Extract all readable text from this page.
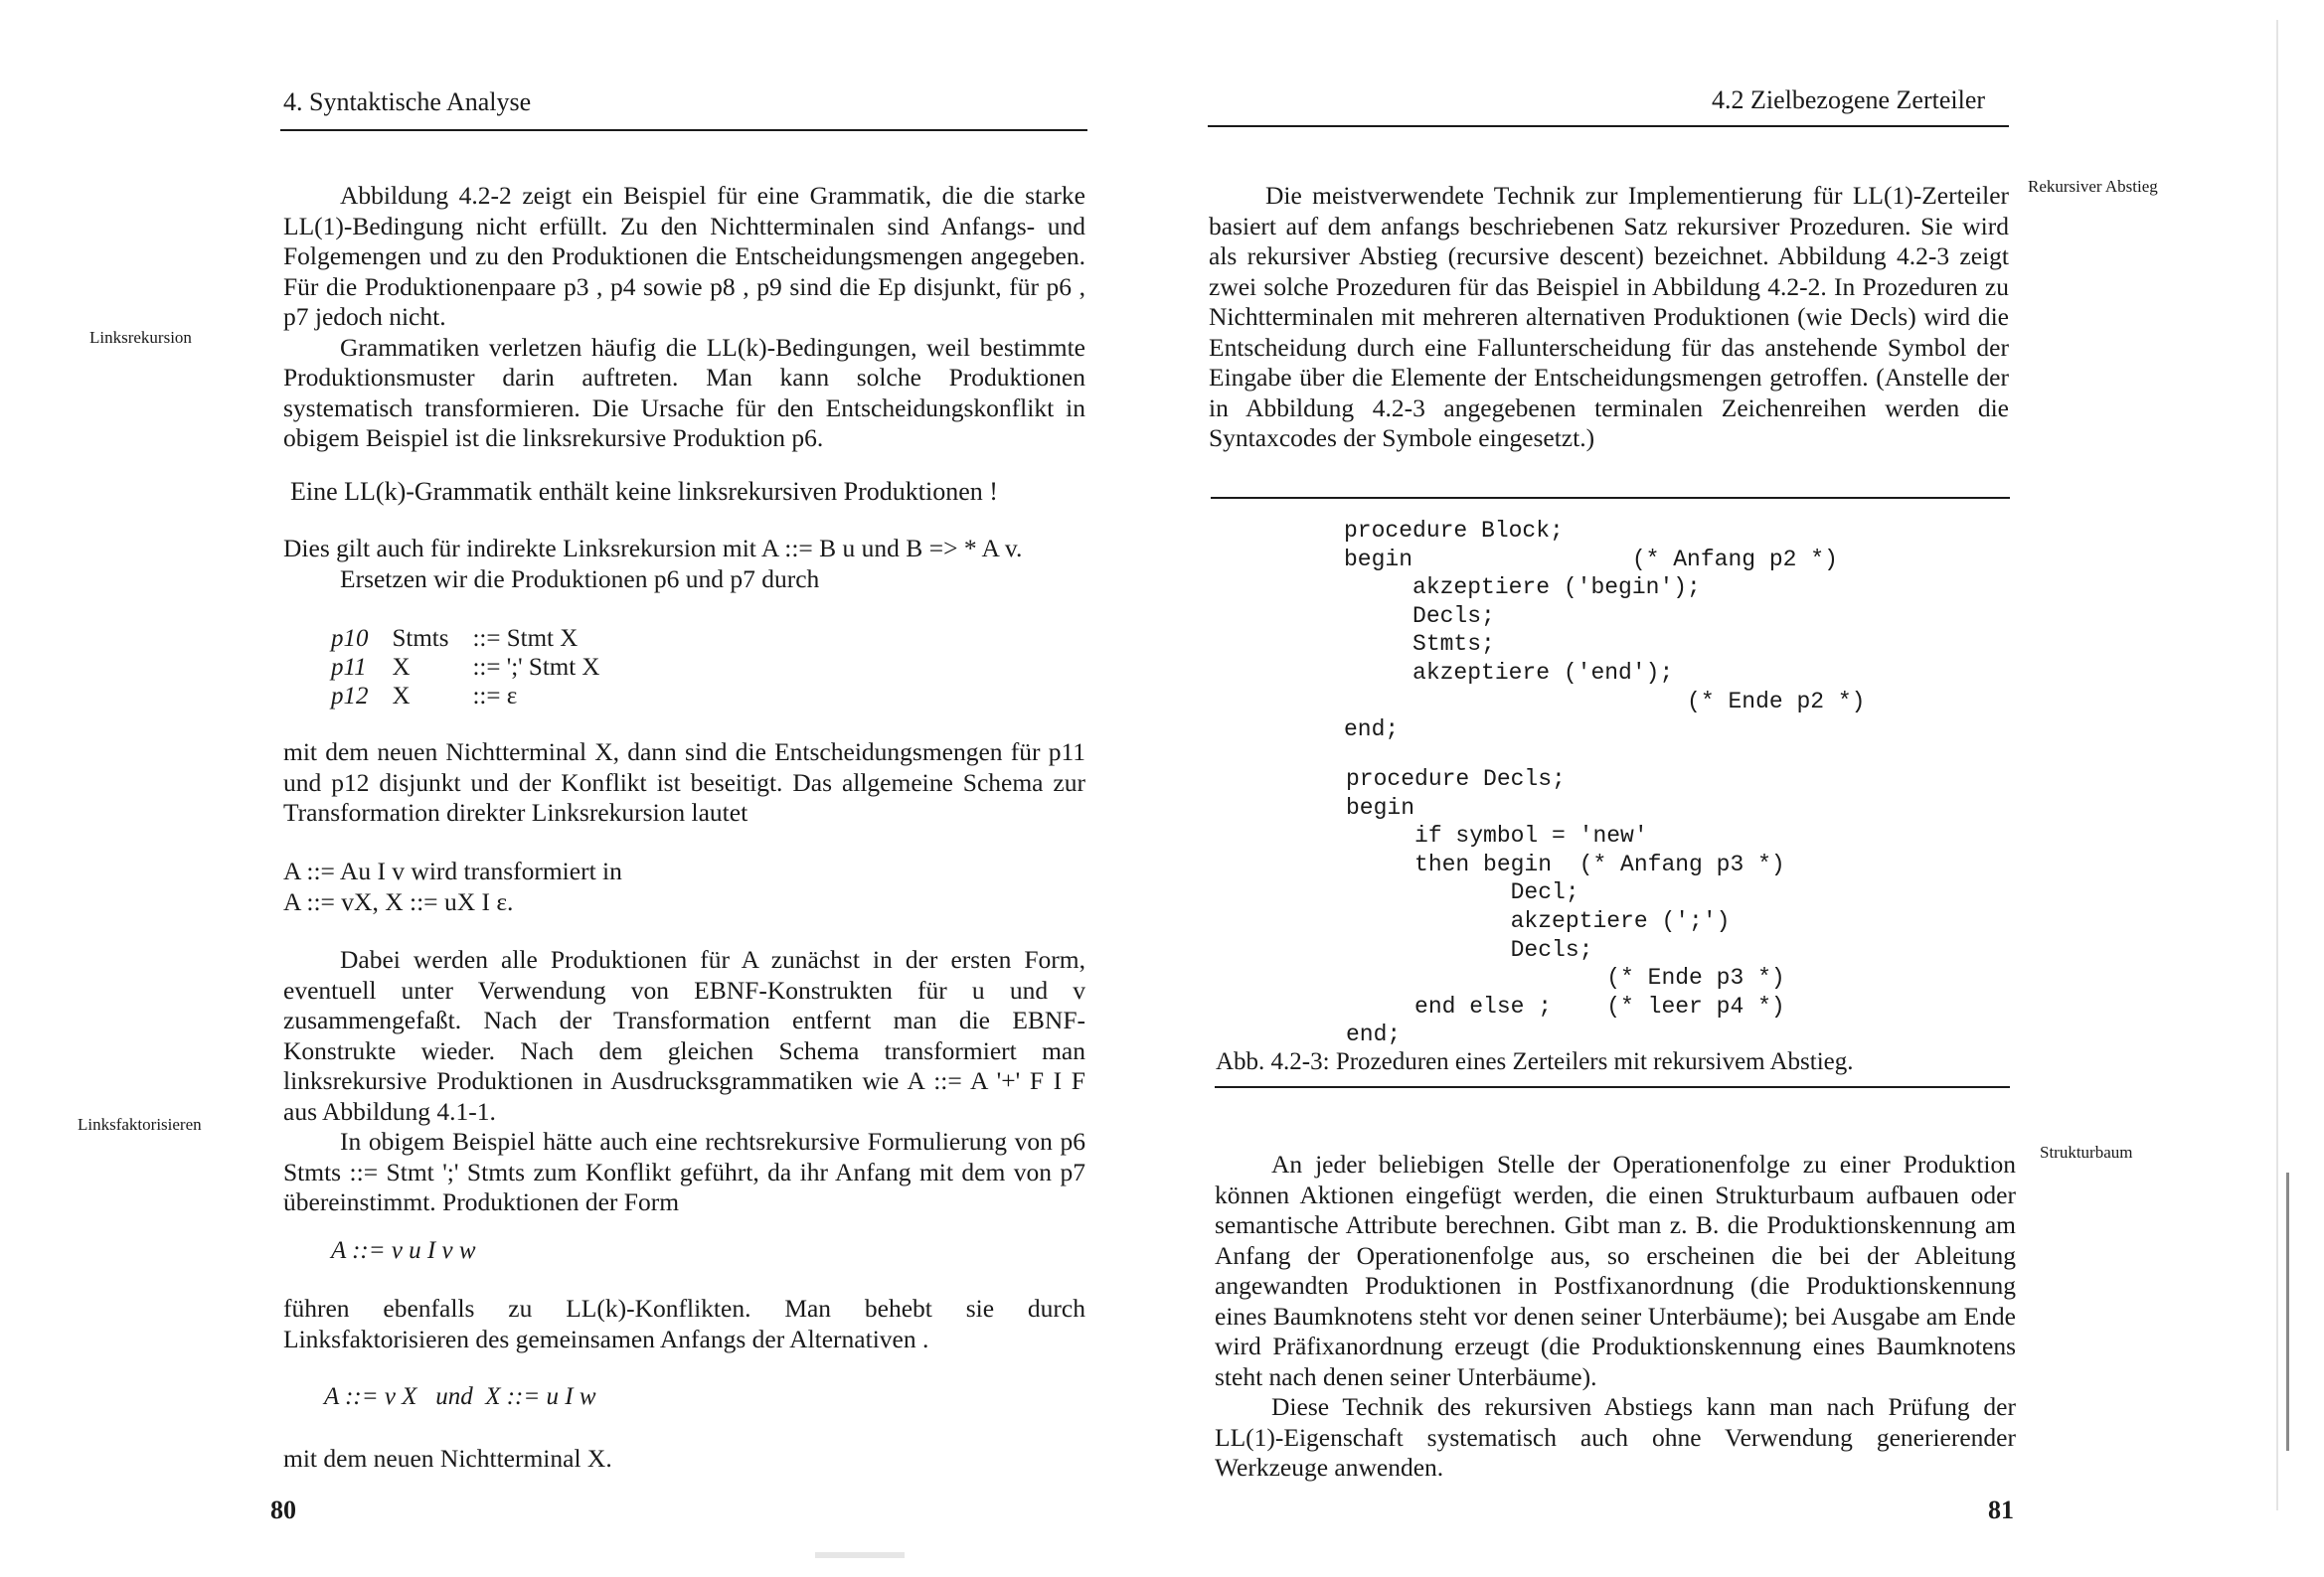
4. Syntaktische Analyse

Abbildung 4.2-2 zeigt ein Beispiel für eine Grammatik, die die starke LL(1)-Bedingung nicht erfüllt. Zu den Nichtterminalen sind Anfangs- und Folgemengen und zu den Produktionen die Entscheidungsmengen angegeben. Für die Produktionenpaare p3 , p4 sowie p8 , p9 sind die Ep disjunkt, für p6 , p7 jedoch nicht.

Grammatiken verletzen häufig die LL(k)-Bedingungen, weil bestimmte Produktionsmuster darin auftreten. Man kann solche Produktionen systematisch transformieren. Die Ursache für den Entscheidungskonflikt in obigem Beispiel ist die linksrekursive Produktion p6.

Linksrekursion
Eine LL(k)-Grammatik enthält keine linksrekursiven Produktionen !

Dies gilt auch für indirekte Linksrekursion mit A ::= B u und B => * A v.

Ersetzen wir die Produktionen p6 und p7 durch

p10	Stmts	::= Stmt X
p11	X	::= ';' Stmt X
p12	X	::= ε

mit dem neuen Nichtterminal X, dann sind die Entscheidungsmengen für p11 und p12 disjunkt und der Konflikt ist beseitigt. Das allgemeine Schema zur Transformation direkter Linksrekursion lautet

A ::= Au I v wird transformiert in

A ::= vX, X ::= uX I ε.

Dabei werden alle Produktionen für A zunächst in der ersten Form, eventuell unter Verwendung von EBNF-Konstrukten für u und v zusammengefaßt. Nach der Transformation entfernt man die EBNF-Konstrukte wieder. Nach dem gleichen Schema transformiert man linksrekursive Produktionen in Ausdrucksgrammatiken wie A ::= A '+' F I F aus Abbildung 4.1-1.

In obigem Beispiel hätte auch eine rechtsrekursive Formulierung von p6 Stmts ::= Stmt ';' Stmts zum Konflikt geführt, da ihr Anfang mit dem von p7 übereinstimmt. Produktionen der Form

Linksfaktorisieren
A ::= v u I v w

führen ebenfalls zu LL(k)-Konflikten. Man behebt sie durch Linksfaktorisieren des gemeinsamen Anfangs der Alternativen .

A ::= v X   und  X ::= u I w

mit dem neuen Nichtterminal X.

80
4.2 Zielbezogene Zerteiler
Rekursiver Abstieg

Die meistverwendete Technik zur Implementierung für LL(1)-Zerteiler basiert auf dem anfangs beschriebenen Satz rekursiver Prozeduren. Sie wird als rekursiver Abstieg (recursive descent) bezeichnet. Abbildung 4.2-3 zeigt zwei solche Prozeduren für das Beispiel in Abbildung 4.2-2. In Prozeduren zu Nichtterminalen mit mehreren alternativen Produktionen (wie Decls) wird die Entscheidung durch eine Fallunterscheidung für das anstehende Symbol der Eingabe über die Elemente der Entscheidungsmengen getroffen. (Anstelle der in Abbildung 4.2-3 angegebenen terminalen Zeichenreihen werden die Syntaxcodes der Symbole eingesetzt.)

procedure Block;
begin                (* Anfang p2 *)
akzeptiere ('begin');
Decls;
Stmts;
akzeptiere ('end');
(* Ende p2 *)
end;
procedure Decls;
begin
if symbol = 'new'
then begin  (* Anfang p3 *)
Decl;
akzeptiere (';')
Decls;
(* Ende p3 *)
end else ;    (* leer p4 *)
end;
Abb. 4.2-3: Prozeduren eines Zerteilers mit rekursivem Abstieg.
Strukturbaum

An jeder beliebigen Stelle der Operationenfolge zu einer Produktion können Aktionen eingefügt werden, die einen Strukturbaum aufbauen oder semantische Attribute berechnen. Gibt man z. B. die Produktionskennung am Anfang der Operationenfolge aus, so erscheinen die bei der Ableitung angewandten Produktionen in Postfixanordnung (die Produktionskennung eines Baumknotens steht vor denen seiner Unterbäume); bei Ausgabe am Ende wird Präfixanordnung erzeugt (die Produktionskennung eines Baumknotens steht nach denen seiner Unterbäume).

Diese Technik des rekursiven Abstiegs kann man nach Prüfung der LL(1)-Eigenschaft systematisch auch ohne Verwendung generierender Werkzeuge anwenden.

81
